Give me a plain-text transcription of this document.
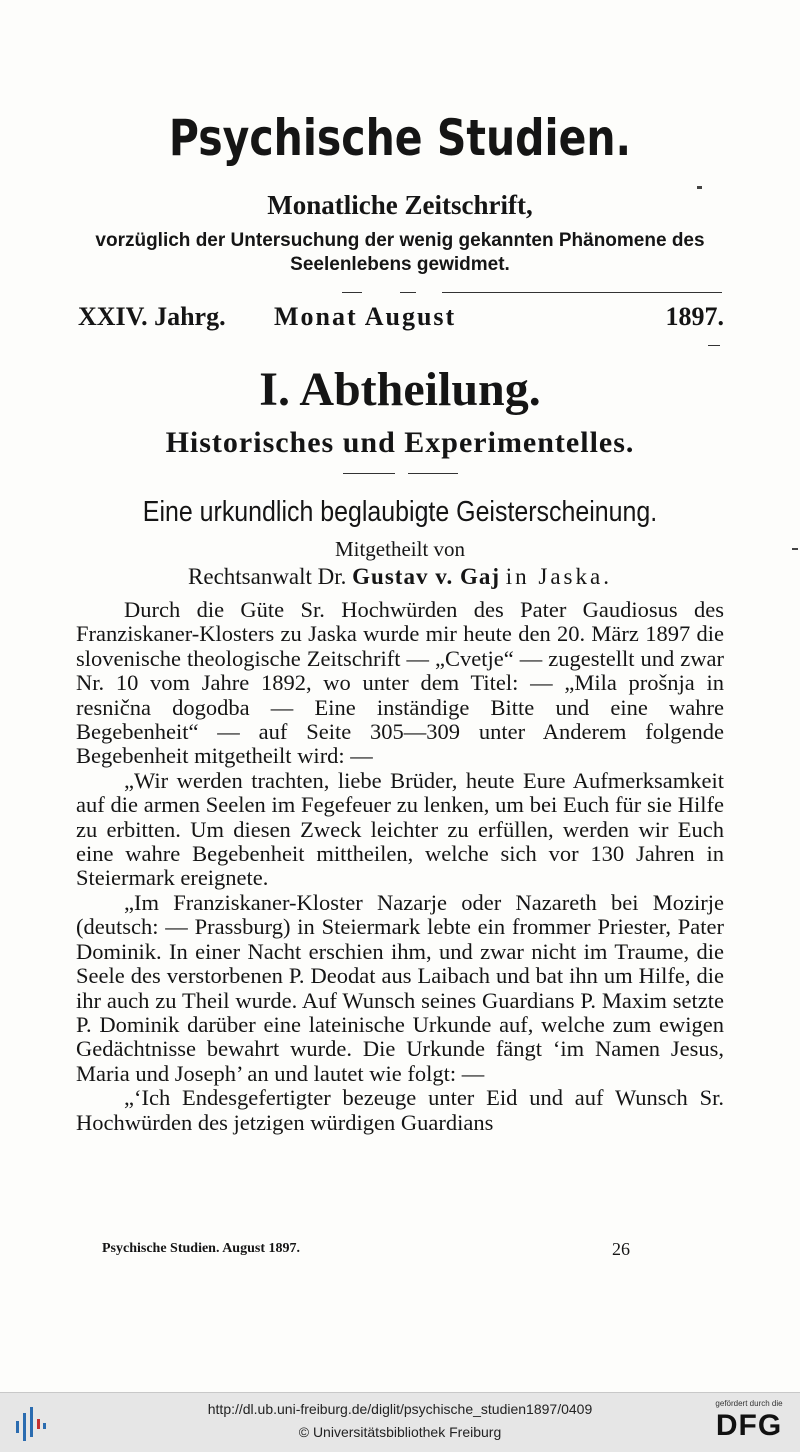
Psychische Studien.
Monatliche Zeitschrift,
vorzüglich der Untersuchung der wenig gekannten Phänomene des Seelenlebens gewidmet.
XXIV. Jahrg. Monat August	1897.
I. Abtheilung.
Historisches und Experimentelles.
Eine urkundlich beglaubigte Geisterscheinung.
Mitgetheilt von
Rechtsanwalt Dr. Gustav v. Gaj in Jaska.

Durch die Güte Sr. Hochwürden des Pater Gaudiosus des Franziskaner-Klosters zu Jaska wurde mir heute den 20. März 1897 die slovenische theologische Zeitschrift — „Cvetje“ — zugestellt und zwar Nr. 10 vom Jahre 1892, wo unter dem Titel: — „Mila prošnja in resnična dogodba — Eine inständige Bitte und eine wahre Begebenheit“ — auf Seite 305—309 unter Anderem folgende Begebenheit mitgetheilt wird: —

„Wir werden trachten, liebe Brüder, heute Eure Aufmerksamkeit auf die armen Seelen im Fegefeuer zu lenken, um bei Euch für sie Hilfe zu erbitten. Um diesen Zweck leichter zu erfüllen, werden wir Euch eine wahre Begebenheit mittheilen, welche sich vor 130 Jahren in Steiermark ereignete.

„Im Franziskaner-Kloster Nazarje oder Nazareth bei Mozirje (deutsch: — Prassburg) in Steiermark lebte ein frommer Priester, Pater Dominik. In einer Nacht erschien ihm, und zwar nicht im Traume, die Seele des verstorbenen P. Deodat aus Laibach und bat ihn um Hilfe, die ihr auch zu Theil wurde. Auf Wunsch seines Guardians P. Maxim setzte P. Dominik darüber eine lateinische Urkunde auf, welche zum ewigen Gedächtnisse bewahrt wurde. Die Urkunde fängt ‘im Namen Jesus, Maria und Joseph’ an und lautet wie folgt: —

„‘Ich Endesgefertigter bezeuge unter Eid und auf Wunsch Sr. Hochwürden des jetzigen würdigen Guardians

Psychische Studien. August 1897.	26
http://dl.ub.uni-freiburg.de/diglit/psychische_studien1897/0409
© Universitätsbibliothek Freiburg
gefördert durch die
DFG
